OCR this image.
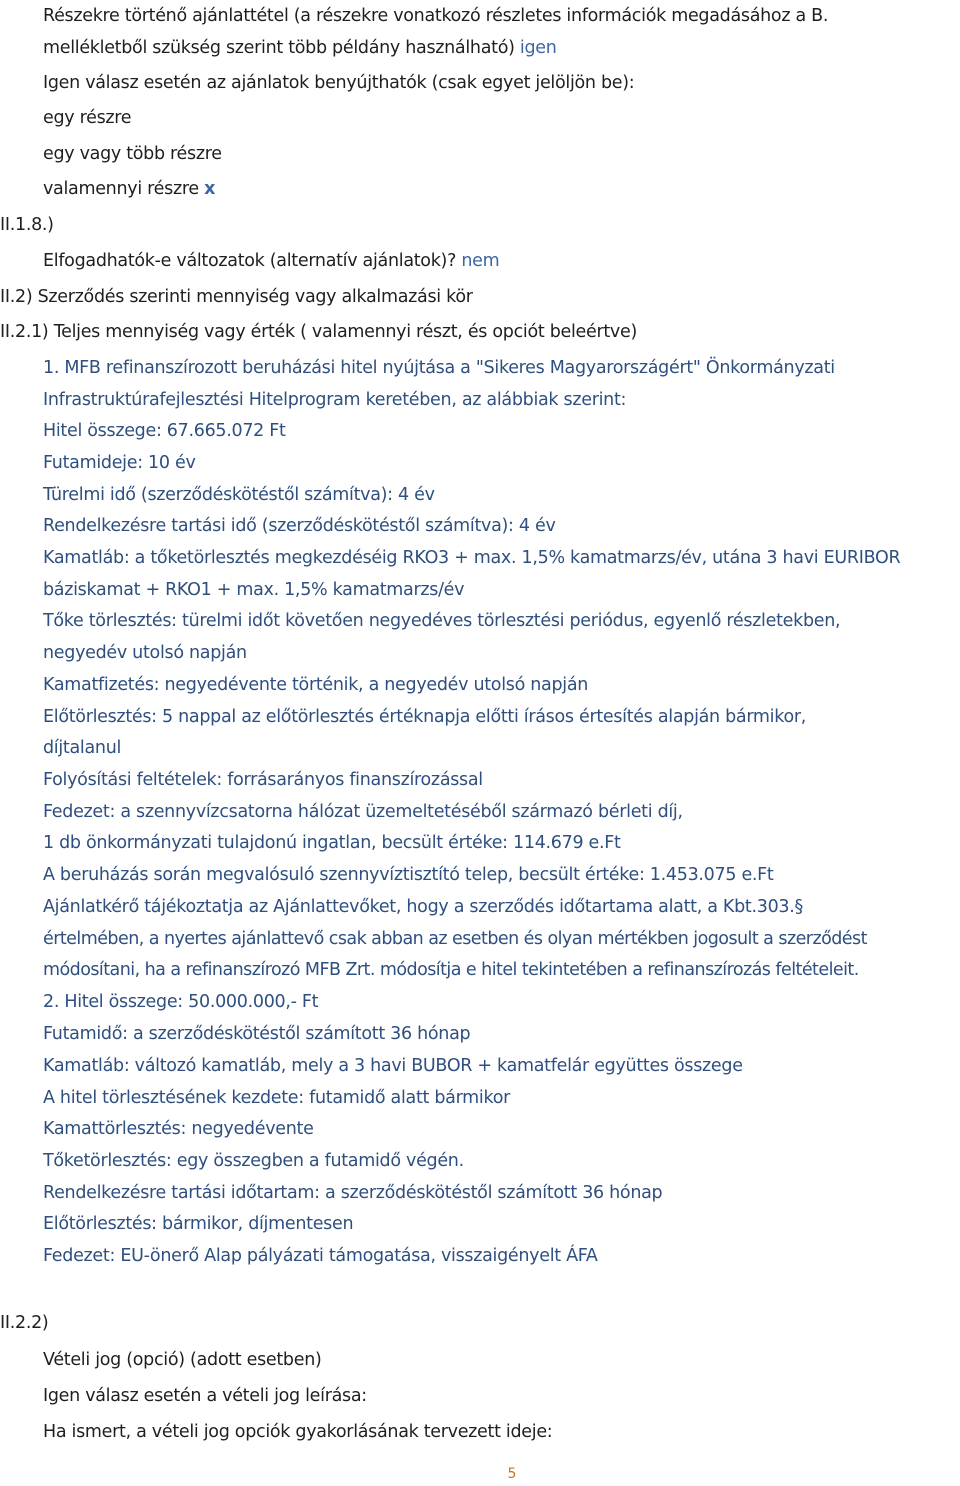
Részekre történő ajánlattétel (a részekre vonatkozó részletes információk megadásához a B.
mellékletből szükség szerint több példány használható) igen
Igen válasz esetén az ajánlatok benyújthatók (csak egyet jelöljön be):
egy részre
egy vagy több részre
valamennyi részre x
II.1.8.)
Elfogadhatók-e változatok (alternatív ajánlatok)? nem
II.2) Szerződés szerinti mennyiség vagy alkalmazási kör
II.2.1) Teljes mennyiség vagy érték ( valamennyi részt, és opciót beleértve)
1. MFB refinanszírozott beruházási hitel nyújtása a "Sikeres Magyarországért" Önkormányzati
Infrastruktúrafejlesztési Hitelprogram keretében, az alábbiak szerint:
Hitel összege: 67.665.072 Ft
Futamideje: 10 év
Türelmi idő (szerződéskötéstől számítva): 4 év
Rendelkezésre tartási idő (szerződéskötéstől számítva): 4 év
Kamatláb: a tőketörlesztés megkezdéséig RKO3 + max. 1,5% kamatmarzs/év, utána 3 havi EURIBOR
báziskamat + RKO1 + max. 1,5% kamatmarzs/év
Tőke törlesztés: türelmi időt követően negyedéves törlesztési periódus, egyenlő részletekben,
negyedév utolsó napján
Kamatfizetés: negyedévente történik, a negyedév utolsó napján
Előtörlesztés: 5 nappal az előtörlesztés értéknapja előtti írásos értesítés alapján bármikor,
díjtalanul
Folyósítási feltételek: forrásarányos finanszírozással
Fedezet: a szennyvízcsatorna hálózat üzemeltetéséből származó bérleti díj,
1 db önkormányzati tulajdonú ingatlan, becsült értéke: 114.679 e.Ft
A beruházás során megvalósuló szennyvíztisztító telep, becsült értéke: 1.453.075 e.Ft
Ajánlatkérő tájékoztatja az Ajánlattevőket, hogy a szerződés időtartama alatt, a Kbt.303.§
értelmében, a nyertes ajánlattevő csak abban az esetben és olyan mértékben jogosult a szerződést
módosítani, ha a refinanszírozó MFB Zrt. módosítja e hitel tekintetében a refinanszírozás feltételeit.
2. Hitel összege: 50.000.000,- Ft
Futamidő: a szerződéskötéstől számított 36 hónap
Kamatláb: változó kamatláb, mely a 3 havi BUBOR + kamatfelár együttes összege
A hitel törlesztésének kezdete: futamidő alatt bármikor
Kamattörlesztés: negyedévente
Tőketörlesztés: egy összegben a futamidő végén.
Rendelkezésre tartási időtartam: a szerződéskötéstől számított 36 hónap
Előtörlesztés: bármikor, díjmentesen
Fedezet: EU-önerő Alap pályázati támogatása, visszaigényelt ÁFA
II.2.2)
Vételi jog (opció) (adott esetben)
Igen válasz esetén a vételi jog leírása:
Ha ismert, a vételi jog opciók gyakorlásának tervezett ideje:
5
